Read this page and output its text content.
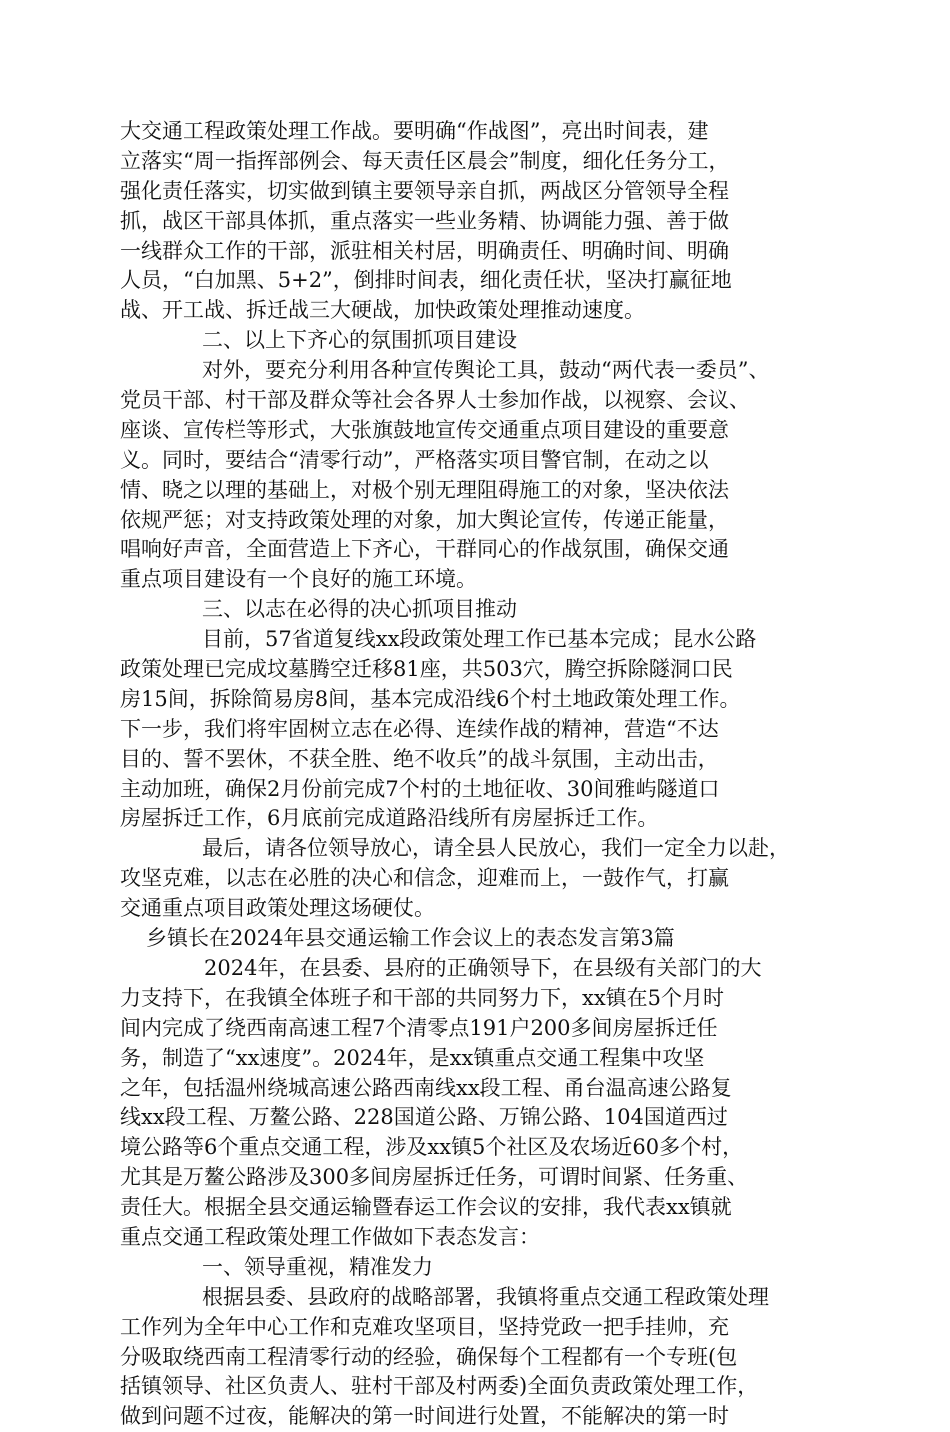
大交通工程政策处理工作战。要明确“作战图”，亮出时间表，建
立落实“周一指挥部例会、每天责任区晨会”制度，细化任务分工，
强化责任落实，切实做到镇主要领导亲自抓，两战区分管领导全程
抓，战区干部具体抓，重点落实一些业务精、协调能力强、善于做
一线群众工作的干部，派驻相关村居，明确责任、明确时间、明确
人员，“白加黑、5+2”，倒排时间表，细化责任状，坚决打赢征地
战、开工战、拆迁战三大硬战，加快政策处理推动速度。
二、以上下齐心的氛围抓项目建设
对外，要充分利用各种宣传舆论工具，鼓动“两代表一委员”、
党员干部、村干部及群众等社会各界人士参加作战，以视察、会议、
座谈、宣传栏等形式，大张旗鼓地宣传交通重点项目建设的重要意
义。同时，要结合“清零行动”，严格落实项目警官制，在动之以
情、晓之以理的基础上，对极个别无理阻碍施工的对象，坚决依法
依规严惩；对支持政策处理的对象，加大舆论宣传，传递正能量，
唱响好声音，全面营造上下齐心，干群同心的作战氛围，确保交通
重点项目建设有一个良好的施工环境。
三、以志在必得的决心抓项目推动
目前，57省道复线xx段政策处理工作已基本完成；昆水公路
政策处理已完成坟墓腾空迁移81座，共503穴，腾空拆除隧洞口民
房15间，拆除简易房8间，基本完成沿线6个村土地政策处理工作。
下一步，我们将牢固树立志在必得、连续作战的精神，营造“不达
目的、誓不罢休，不获全胜、绝不收兵”的战斗氛围，主动出击，
主动加班，确保2月份前完成7个村的土地征收、30间雅屿隧道口
房屋拆迁工作，6月底前完成道路沿线所有房屋拆迁工作。
最后，请各位领导放心，请全县人民放心，我们一定全力以赴，
攻坚克难，以志在必胜的决心和信念，迎难而上，一鼓作气，打赢
交通重点项目政策处理这场硬仗。
乡镇长在2024年县交通运输工作会议上的表态发言第3篇
2024年，在县委、县府的正确领导下，在县级有关部门的大
力支持下，在我镇全体班子和干部的共同努力下，xx镇在5个月时
间内完成了绕西南高速工程7个清零点191户200多间房屋拆迁任
务，制造了“xx速度”。2024年，是xx镇重点交通工程集中攻坚
之年，包括温州绕城高速公路西南线xx段工程、甬台温高速公路复
线xx段工程、万鳌公路、228国道公路、万锦公路、104国道西过
境公路等6个重点交通工程，涉及xx镇5个社区及农场近60多个村，
尤其是万鳌公路涉及300多间房屋拆迁任务，可谓时间紧、任务重、
责任大。根据全县交通运输暨春运工作会议的安排，我代表xx镇就
重点交通工程政策处理工作做如下表态发言：
一、领导重视，精准发力
根据县委、县政府的战略部署，我镇将重点交通工程政策处理
工作列为全年中心工作和克难攻坚项目，坚持党政一把手挂帅，充
分吸取绕西南工程清零行动的经验，确保每个工程都有一个专班(包
括镇领导、社区负责人、驻村干部及村两委)全面负责政策处理工作，
做到问题不过夜，能解决的第一时间进行处置，不能解决的第一时
